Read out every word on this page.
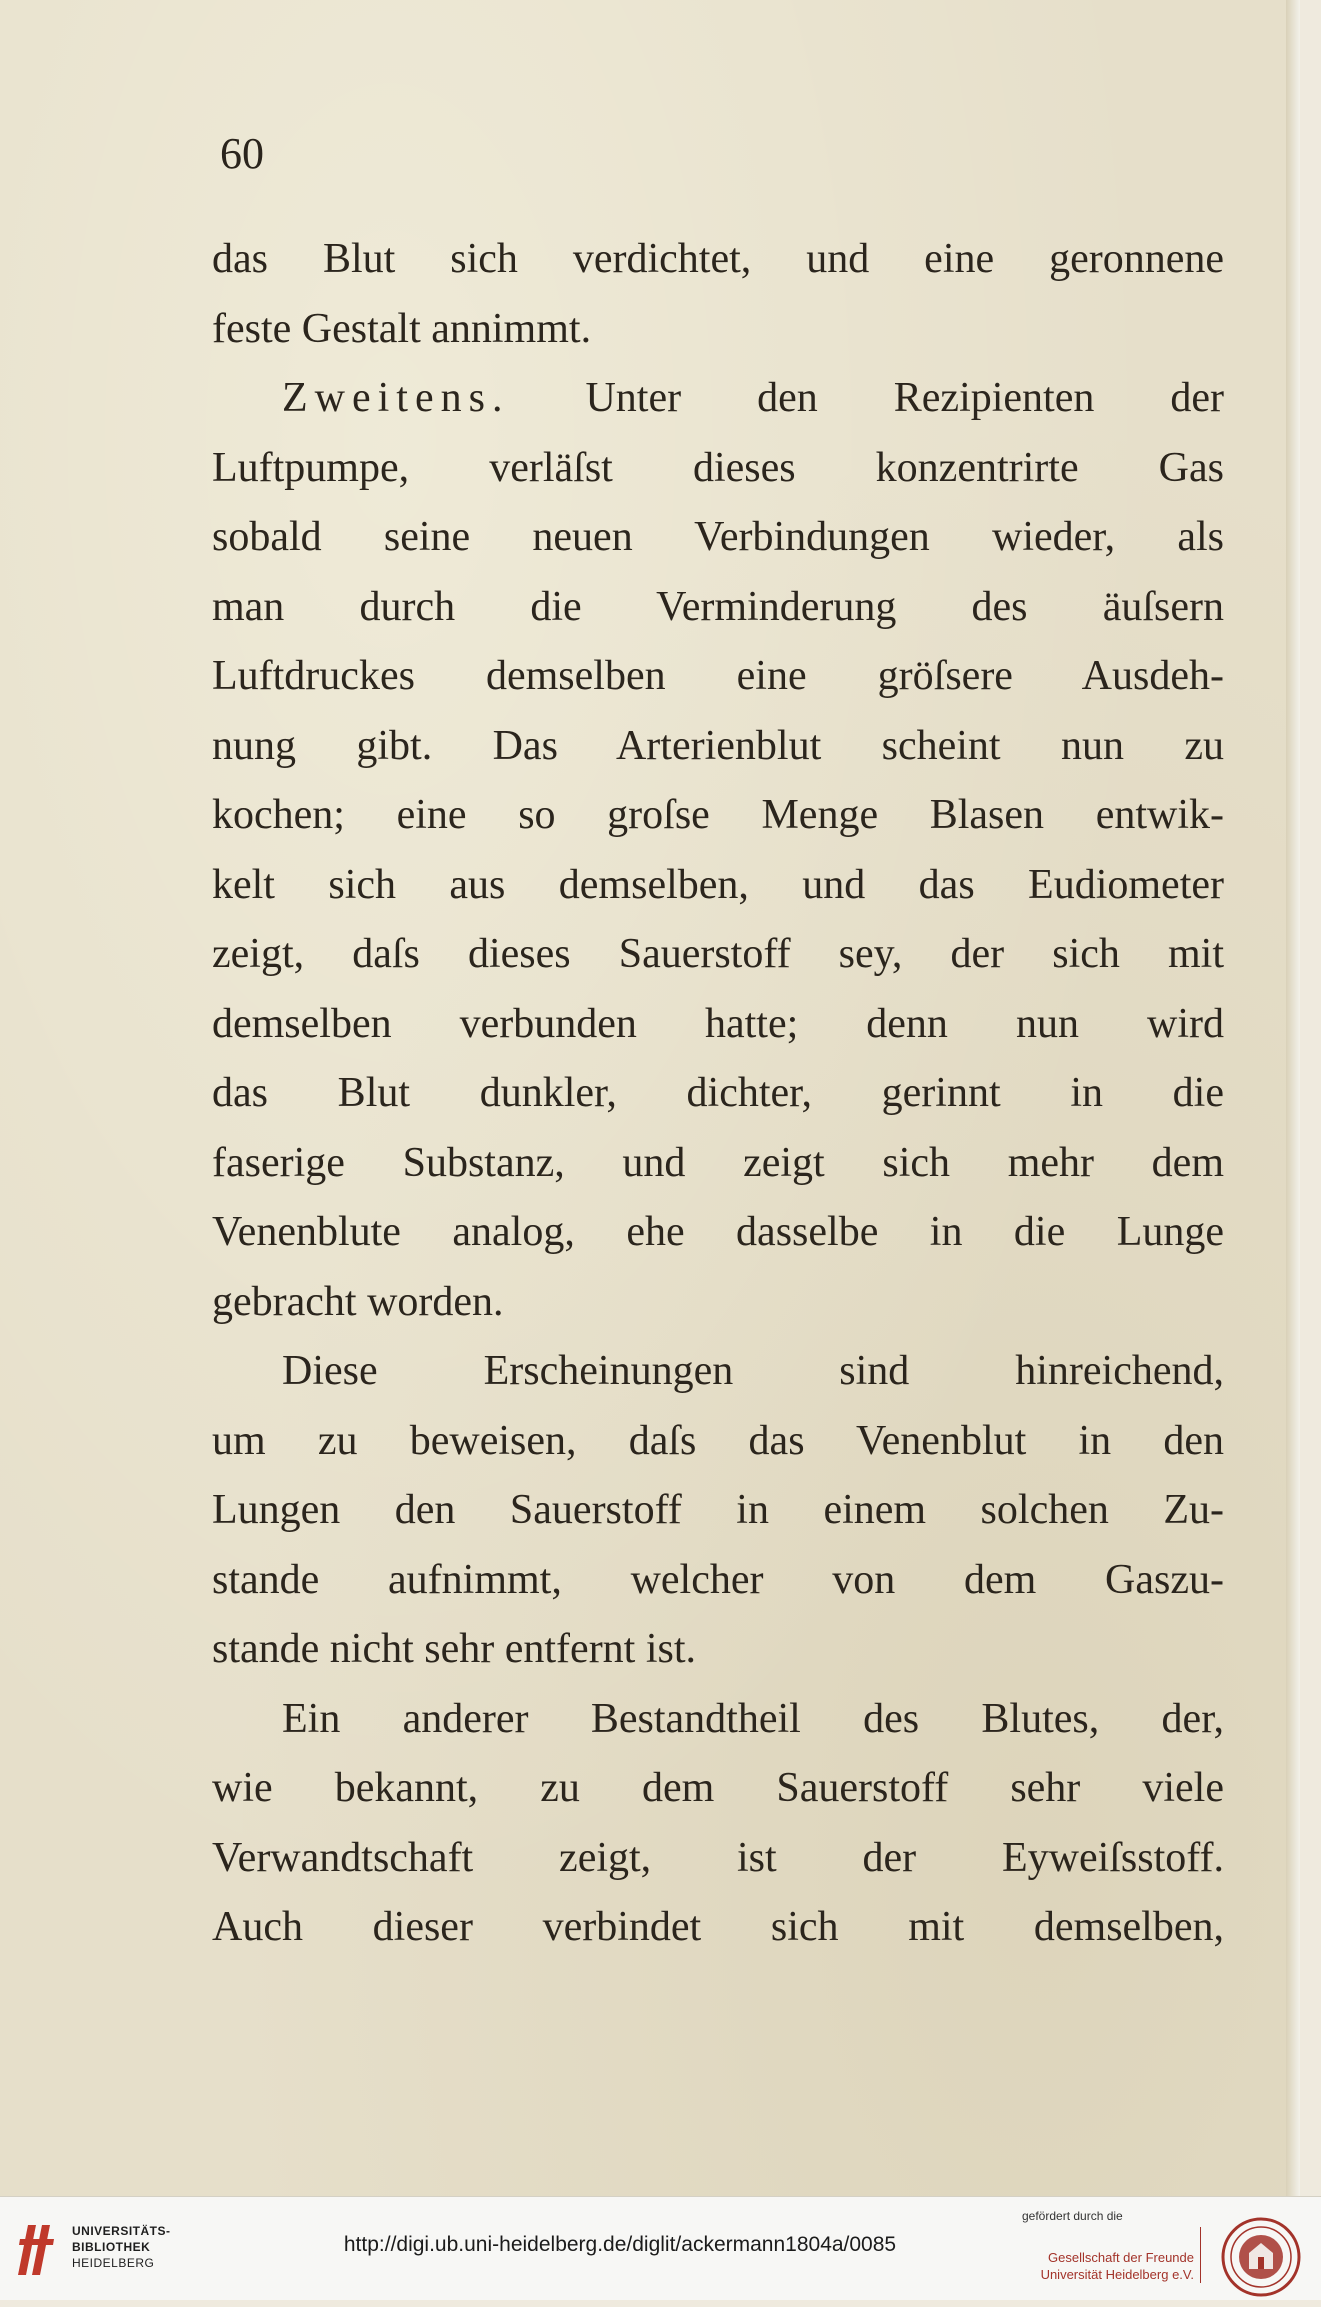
60

das Blut sich verdichtet, und eine geronnene
feste Gestalt annimmt.
Zweitens. Unter den Rezipienten der
Luftpumpe, verläſst dieses konzentrirte Gas
sobald seine neuen Verbindungen wieder, als
man durch die Verminderung des äuſsern
Luftdruckes demselben eine gröſsere Ausdeh-
nung gibt. Das Arterienblut scheint nun zu
kochen; eine so groſse Menge Blasen entwik-
kelt sich aus demselben, und das Eudiometer
zeigt, daſs dieses Sauerstoff sey, der sich mit
demselben verbunden hatte; denn nun wird
das Blut dunkler, dichter, gerinnt in die
faserige Substanz, und zeigt sich mehr dem
Venenblute analog, ehe dasselbe in die Lunge
gebracht worden.
Diese Erscheinungen sind hinreichend,
um zu beweisen, daſs das Venenblut in den
Lungen den Sauerstoff in einem solchen Zu-
stande aufnimmt, welcher von dem Gaszu-
stande nicht sehr entfernt ist.
Ein anderer Bestandtheil des Blutes, der,
wie bekannt, zu dem Sauerstoff sehr viele
Verwandtschaft zeigt, ist der Eyweiſsstoff.
Auch dieser verbindet sich mit demselben,
UNIVERSITÄTS-
BIBLIOTHEK
HEIDELBERG
http://digi.ub.uni-heidelberg.de/diglit/ackermann1804a/0085
gefördert durch die
Gesellschaft der Freunde
Universität Heidelberg e.V.
